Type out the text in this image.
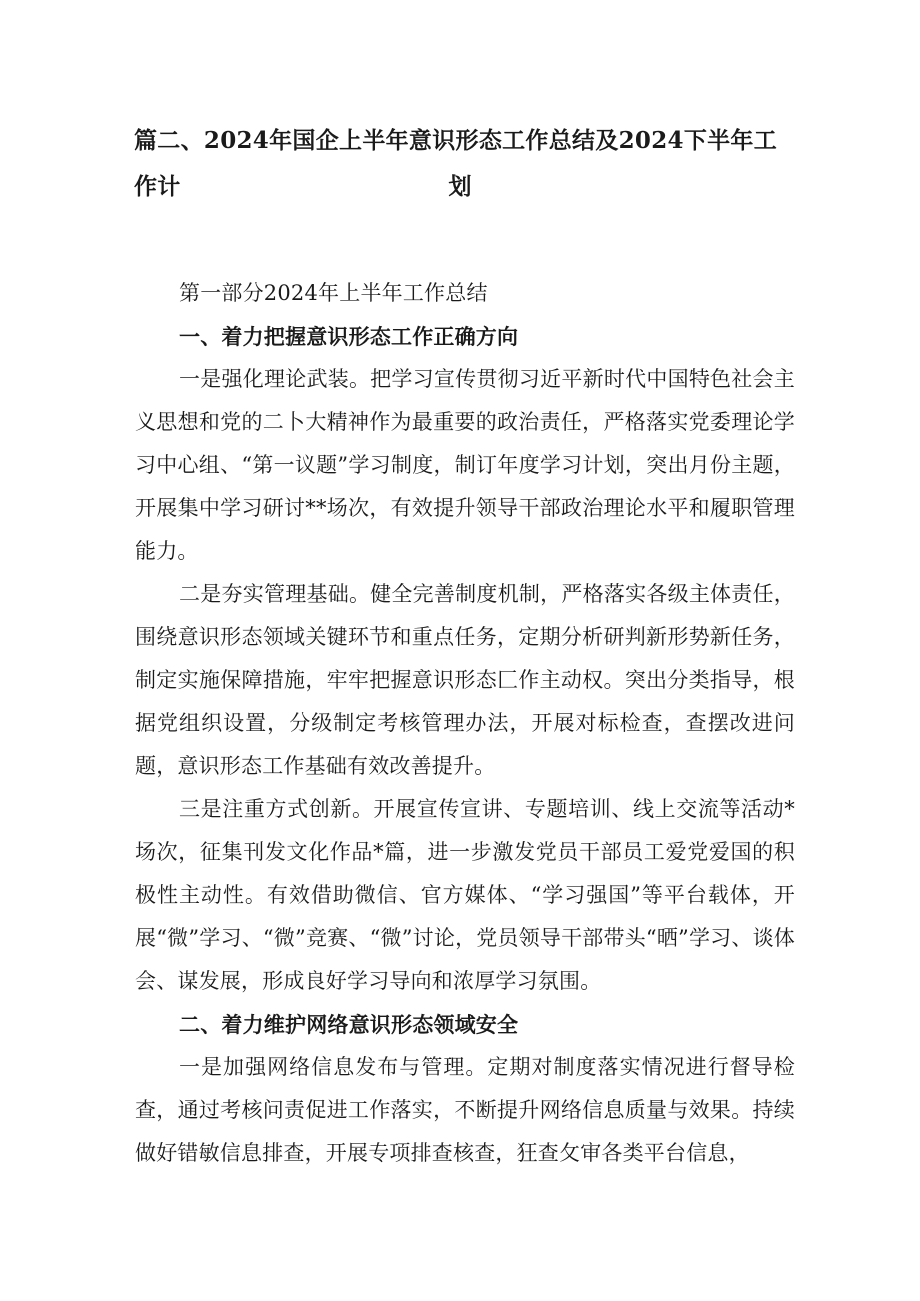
篇二、2024年国企上半年意识形态工作总结及2024下半年工作计	划

第一部分2024年上半年工作总结

一、着力把握意识形态工作正确方向

一是强化理论武装。把学习宣传贯彻习近平新时代中国特色社会主义思想和党的二卜大精神作为最重要的政治责任，严格落实党委理论学习中心组、“第一议题”学习制度，制订年度学习计划，突出月份主题，开展集中学习研讨**场次，有效提升领导干部政治理论水平和履职管理能力。

二是夯实管理基础。健全完善制度机制，严格落实各级主体责任，围绕意识形态领域关键环节和重点任务，定期分析研判新形势新任务，制定实施保障措施，牢牢把握意识形态匚作主动权。突出分类指导，根据党组织设置，分级制定考核管理办法，开展对标检查，查摆改进问题，意识形态工作基础有效改善提升。

三是注重方式创新。开展宣传宣讲、专题培训、线上交流等活动*场次，征集刊发文化作品*篇，进一步激发党员干部员工爱党爱国的积极性主动性。有效借助微信、官方媒体、“学习强国”等平台载体，开展“微”学习、“微”竞赛、“微”讨论，党员领导干部带头“晒”学习、谈体会、谋发展，形成良好学习导向和浓厚学习氛围。

二、着力维护网络意识形态领域安全

一是加强网络信息发布与管理。定期对制度落实情况进行督导检查，通过考核问责促进工作落实，不断提升网络信息质量与效果。持续做好错敏信息排查，开展专项排查核查，狂查攵审各类平台信息，
